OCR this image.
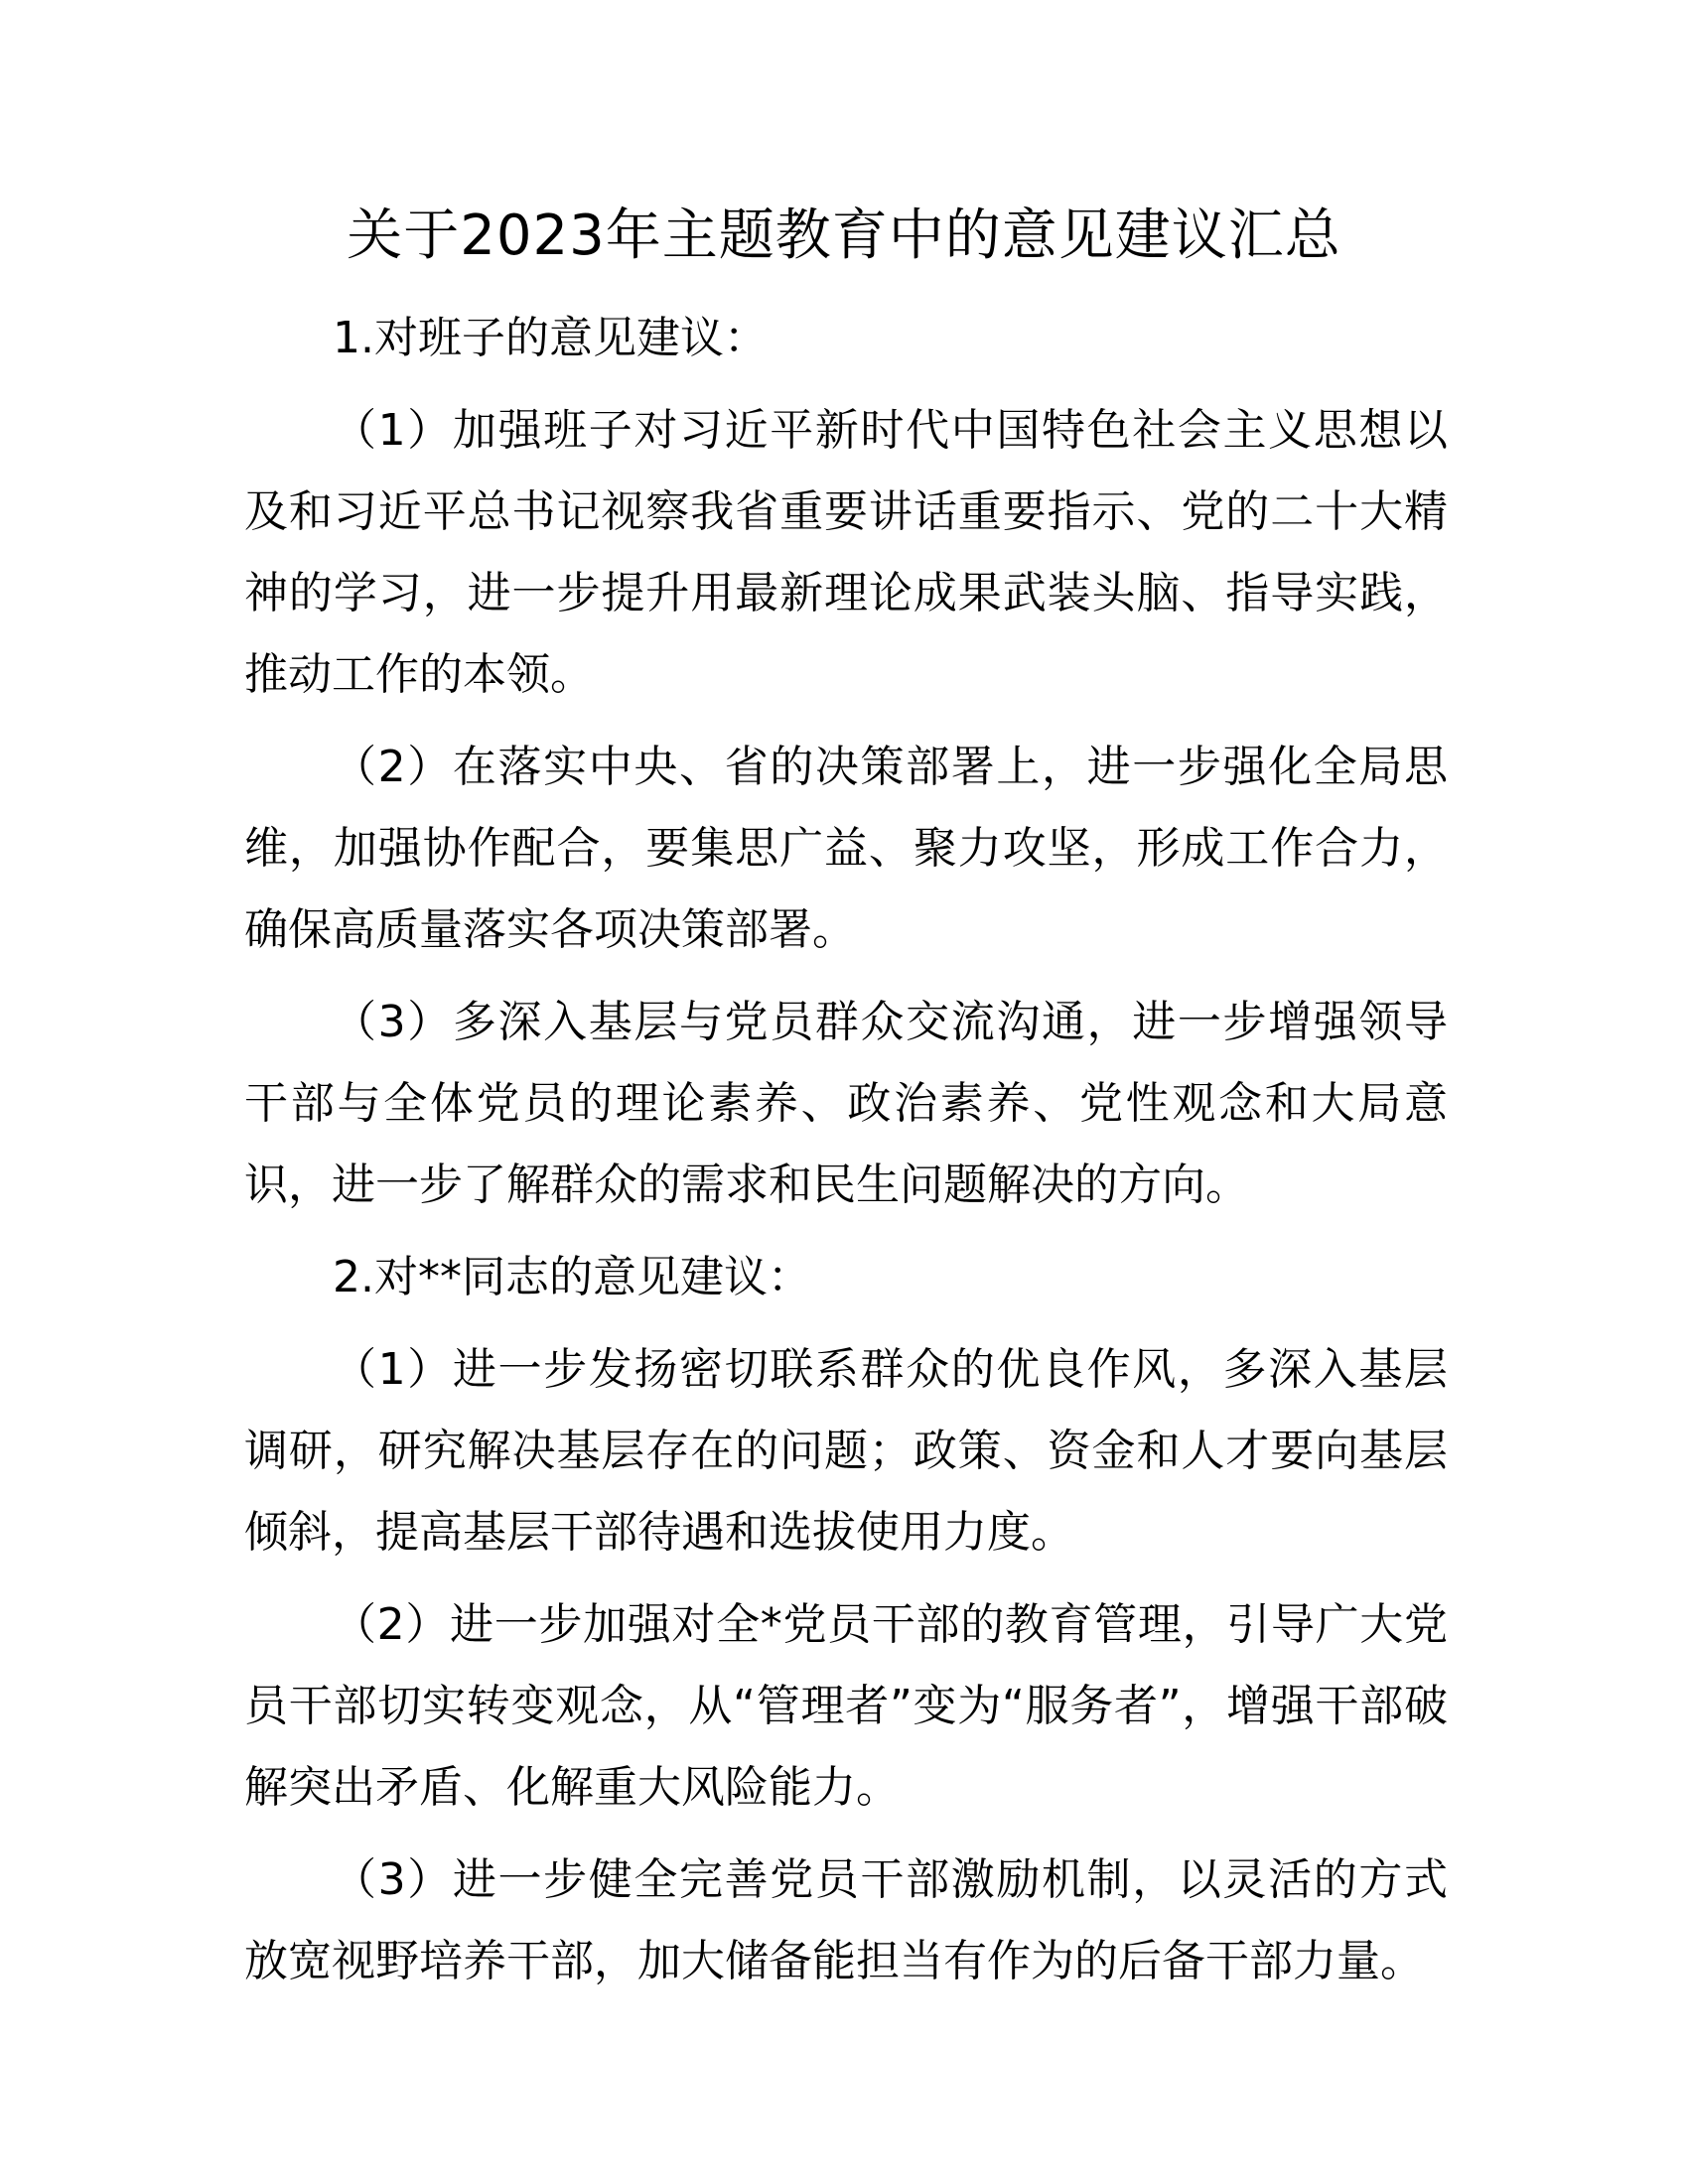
关于2023年主题教育中的意见建议汇总

1.对班子的意见建议：

（1）加强班子对习近平新时代中国特色社会主义思想以及和习近平总书记视察我省重要讲话重要指示、党的二十大精神的学习，进一步提升用最新理论成果武装头脑、指导实践，推动工作的本领。

（2）在落实中央、省的决策部署上，进一步强化全局思维，加强协作配合，要集思广益、聚力攻坚，形成工作合力，确保高质量落实各项决策部署。

（3）多深入基层与党员群众交流沟通，进一步增强领导干部与全体党员的理论素养、政治素养、党性观念和大局意识，进一步了解群众的需求和民生问题解决的方向。

2.对**同志的意见建议：

（1）进一步发扬密切联系群众的优良作风，多深入基层调研，研究解决基层存在的问题；政策、资金和人才要向基层倾斜，提高基层干部待遇和选拔使用力度。

（2）进一步加强对全*党员干部的教育管理，引导广大党员干部切实转变观念，从“管理者”变为“服务者”，增强干部破解突出矛盾、化解重大风险能力。

（3）进一步健全完善党员干部激励机制，以灵活的方式放宽视野培养干部，加大储备能担当有作为的后备干部力量。
